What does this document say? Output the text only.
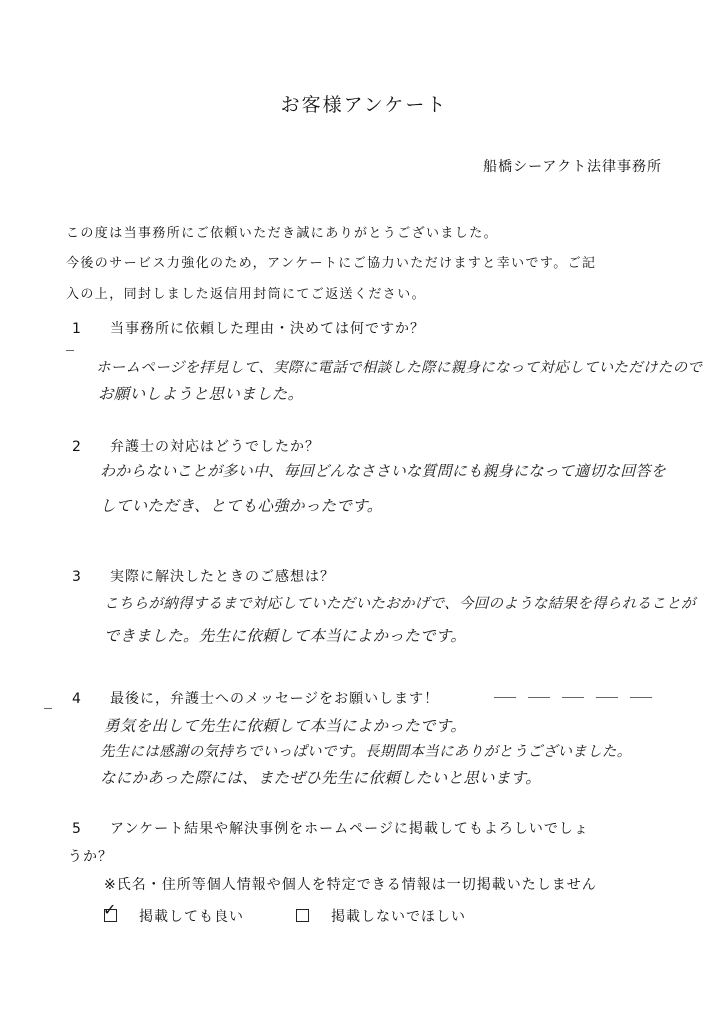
お客様アンケート
船橋シーアクト法律事務所
この度は当事務所にご依頼いただき誠にありがとうございました。
今後のサービス力強化のため，アンケートにご協力いただけますと幸いです。ご記
入の上，同封しました返信用封筒にてご返送ください。
1 当事務所に依頼した理由・決めては何ですか？
ホームページを拝見して、実際に電話で相談した際に親身になって対応していただけたので
お願いしようと思いました。
2 弁護士の対応はどうでしたか？
わからないことが多い中、毎回どんなささいな質問にも親身になって適切な回答を
していただき、とても心強かったです。
3 実際に解決したときのご感想は？
こちらが納得するまで対応していただいたおかげで、今回のような結果を得られることが
できました。先生に依頼して本当によかったです。
4 最後に，弁護士へのメッセージをお願いします！
勇気を出して先生に依頼して本当によかったです。
先生には感謝の気持ちでいっぱいです。長期間本当にありがとうございました。
なにかあった際には、またぜひ先生に依頼したいと思います。
5 アンケート結果や解決事例をホームページに掲載してもよろしいでしょ
うか？
※氏名・住所等個人情報や個人を特定できる情報は一切掲載いたしません
✓ 掲載しても良い	掲載しないでほしい
